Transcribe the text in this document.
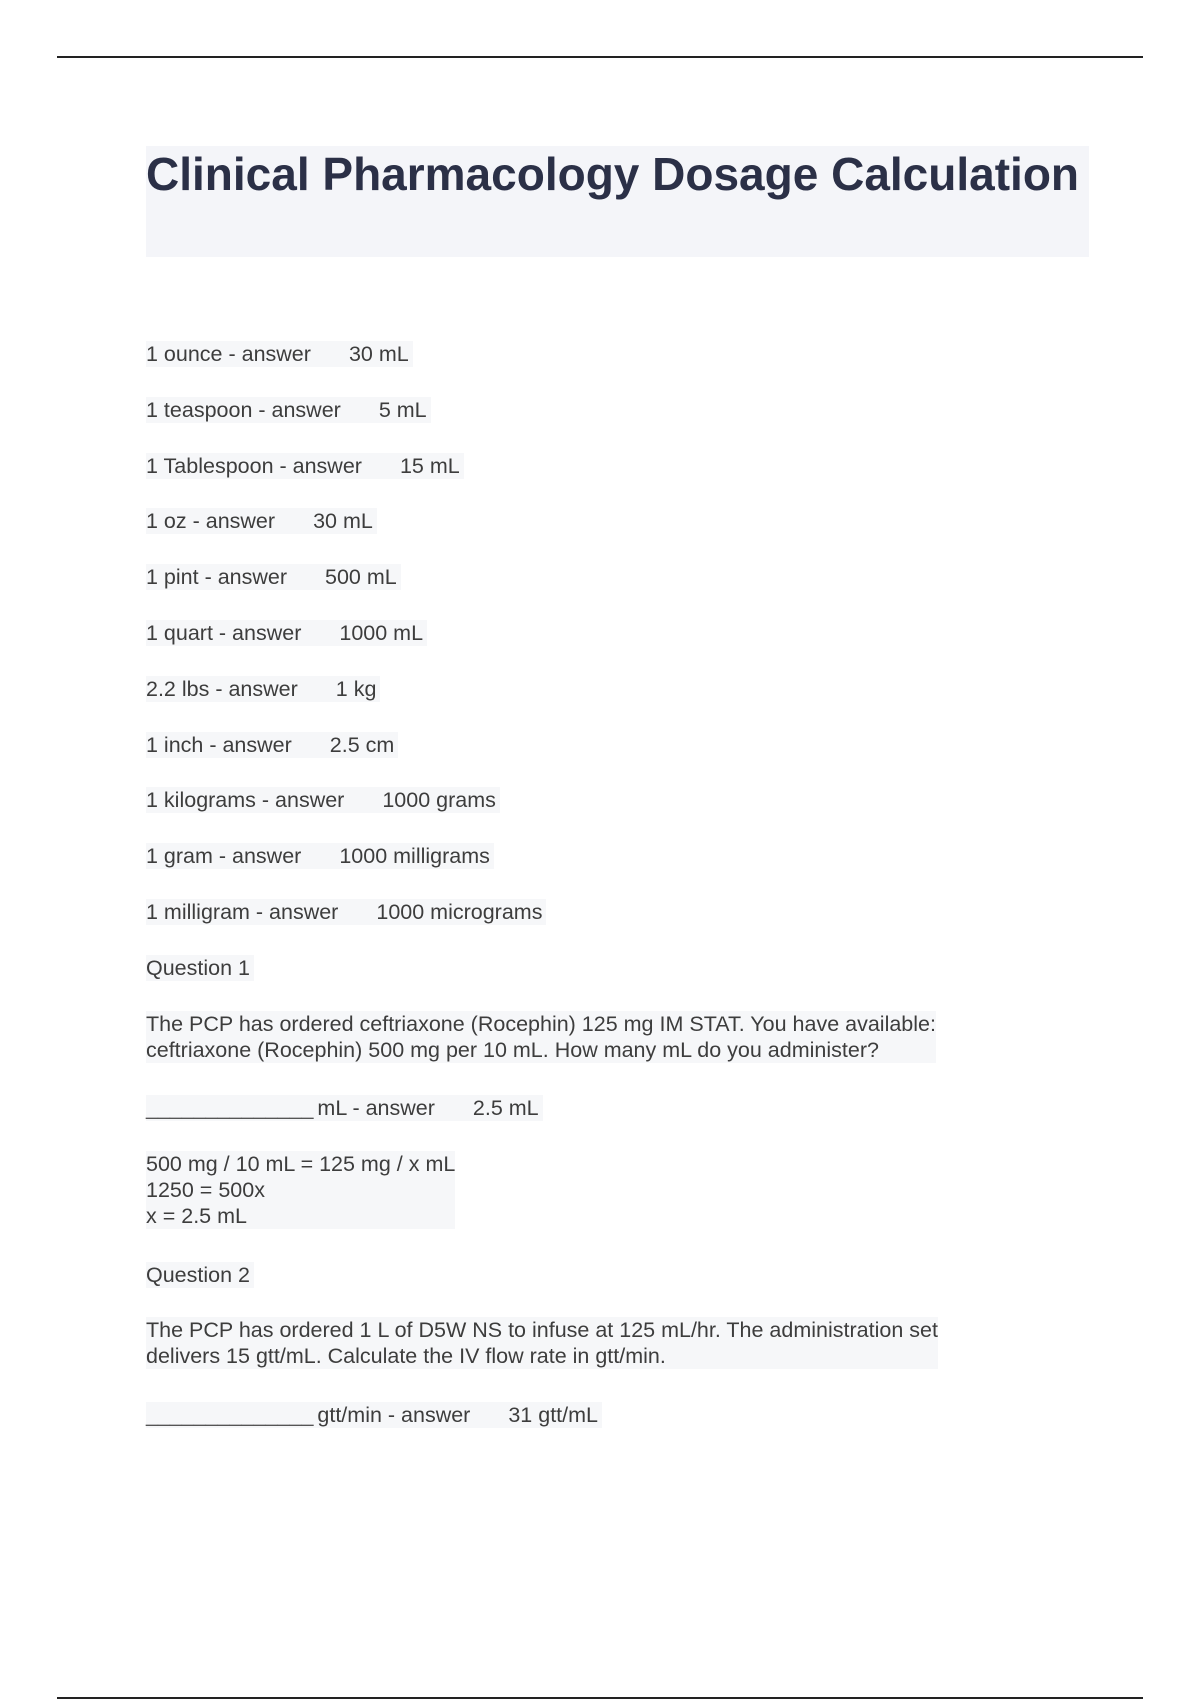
Clinical Pharmacology Dosage Calculation
1 ounce - answer 30 mL
1 teaspoon - answer 5 mL
1 Tablespoon - answer 15 mL
1 oz - answer 30 mL
1 pint - answer 500 mL
1 quart - answer 1000 mL
2.2 lbs - answer 1 kg
1 inch - answer 2.5 cm
1 kilograms - answer 1000 grams
1 gram - answer 1000 milligrams
1 milligram - answer 1000 micrograms
Question 1
The PCP has ordered ceftriaxone (Rocephin) 125 mg IM STAT. You have available:
ceftriaxone (Rocephin) 500 mg per 10 mL. How many mL do you administer?
______________ mL - answer 2.5 mL
500 mg / 10 mL = 125 mg / x mL
1250 = 500x
x = 2.5 mL
Question 2
The PCP has ordered 1 L of D5W NS to infuse at 125 mL/hr. The administration set
delivers 15 gtt/mL. Calculate the IV flow rate in gtt/min.
______________ gtt/min - answer 31 gtt/mL
